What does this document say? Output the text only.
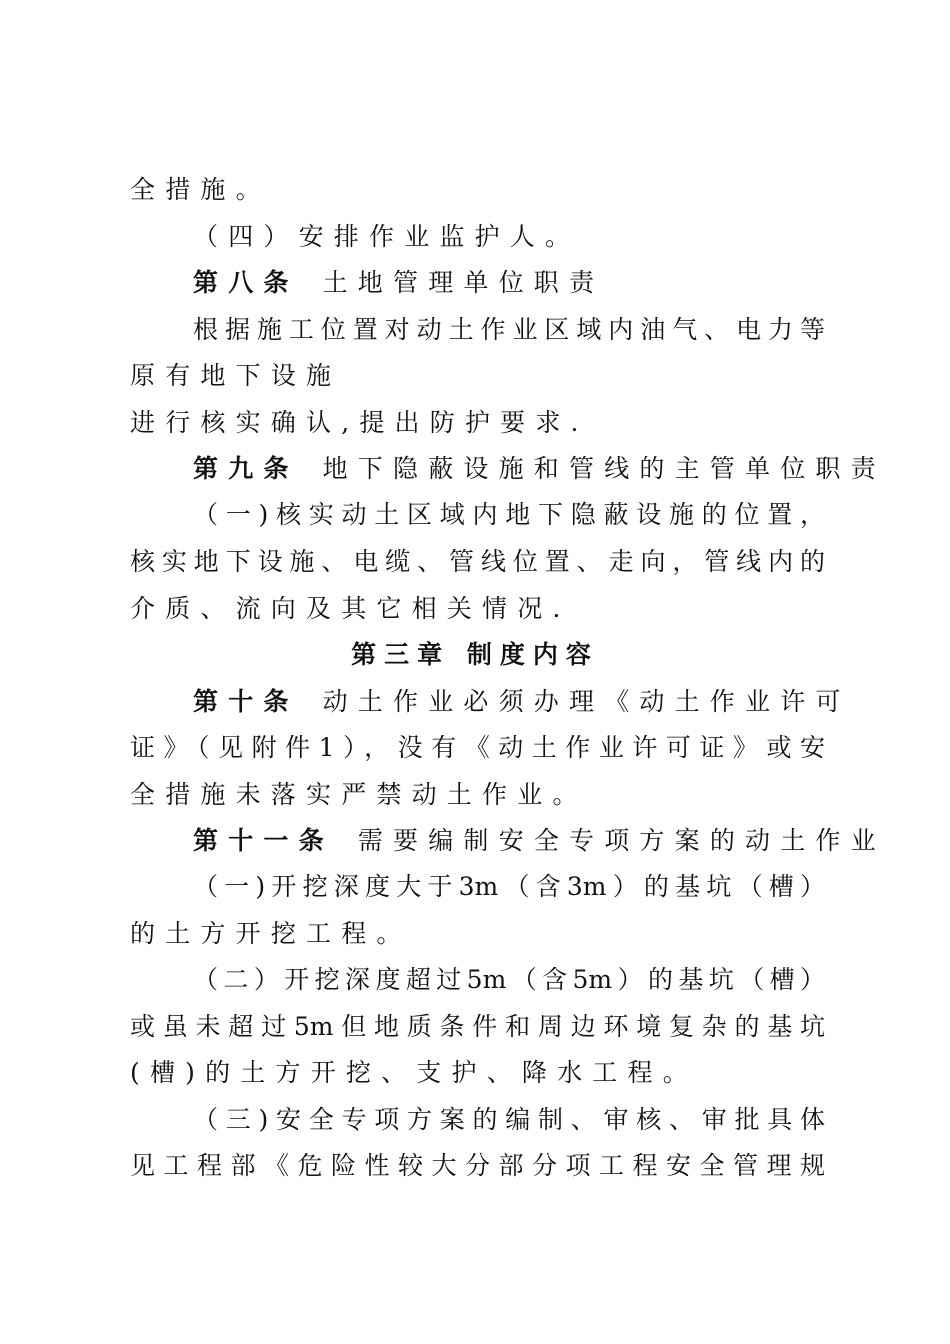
全措施。
（四）安排作业监护人。
第八条 土地管理单位职责
根据施工位置对动土作业区域内油气、电力等
原有地下设施
进行核实确认,提出防护要求.
第九条 地下隐蔽设施和管线的主管单位职责
（一)核实动土区域内地下隐蔽设施的位置，
核实地下设施、电缆、管线位置、走向，管线内的
介质、流向及其它相关情况.
第三章 制度内容
第十条 动土作业必须办理《动土作业许可
证》（见附件1），没有《动土作业许可证》或安
全措施未落实严禁动土作业。
第十一条 需要编制安全专项方案的动土作业
（一)开挖深度大于3m（含3m）的基坑（槽）
的土方开挖工程。
（二）开挖深度超过5m（含5m）的基坑（槽）
或虽未超过5m但地质条件和周边环境复杂的基坑
(槽)的土方开挖、支护、降水工程。
（三)安全专项方案的编制、审核、审批具体
见工程部《危险性较大分部分项工程安全管理规
